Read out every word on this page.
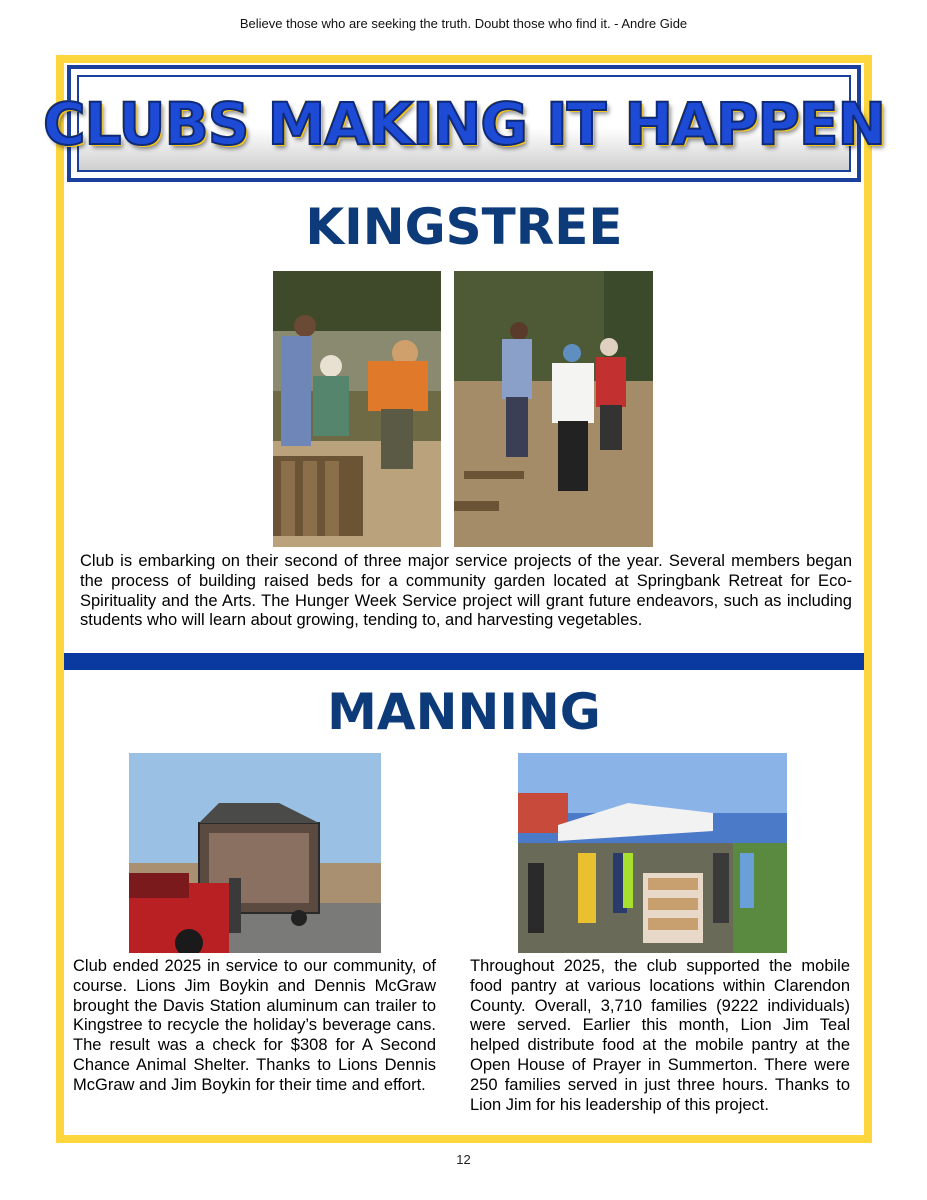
Believe those who are seeking the truth. Doubt those who find it. - Andre Gide
CLUBS MAKING IT HAPPEN
KINGSTREE
Club is embarking on their second of three major service projects of the year. Several members began the process of building raised beds for a community garden located at Springbank Retreat for Eco-Spirituality and the Arts. The Hunger Week Service project will grant future endeavors, such as including students who will learn about growing, tending to, and harvesting vegetables.
MANNING
Club ended 2025 in service to our community, of course. Lions Jim Boykin and Dennis McGraw brought the Davis Station aluminum can trailer to Kingstree to recycle the holiday’s beverage cans. The result was a check for $308 for A Second Chance Animal Shelter. Thanks to Lions Dennis McGraw and Jim Boykin for their time and effort.
Throughout 2025, the club supported the mobile food pantry at various locations within Clarendon County. Overall, 3,710 families (9222 individuals) were served. Earlier this month, Lion Jim Teal helped distribute food at the mobile pantry at the Open House of Prayer in Summerton. There were 250 families served in just three hours. Thanks to Lion Jim for his leadership of this project.
12
